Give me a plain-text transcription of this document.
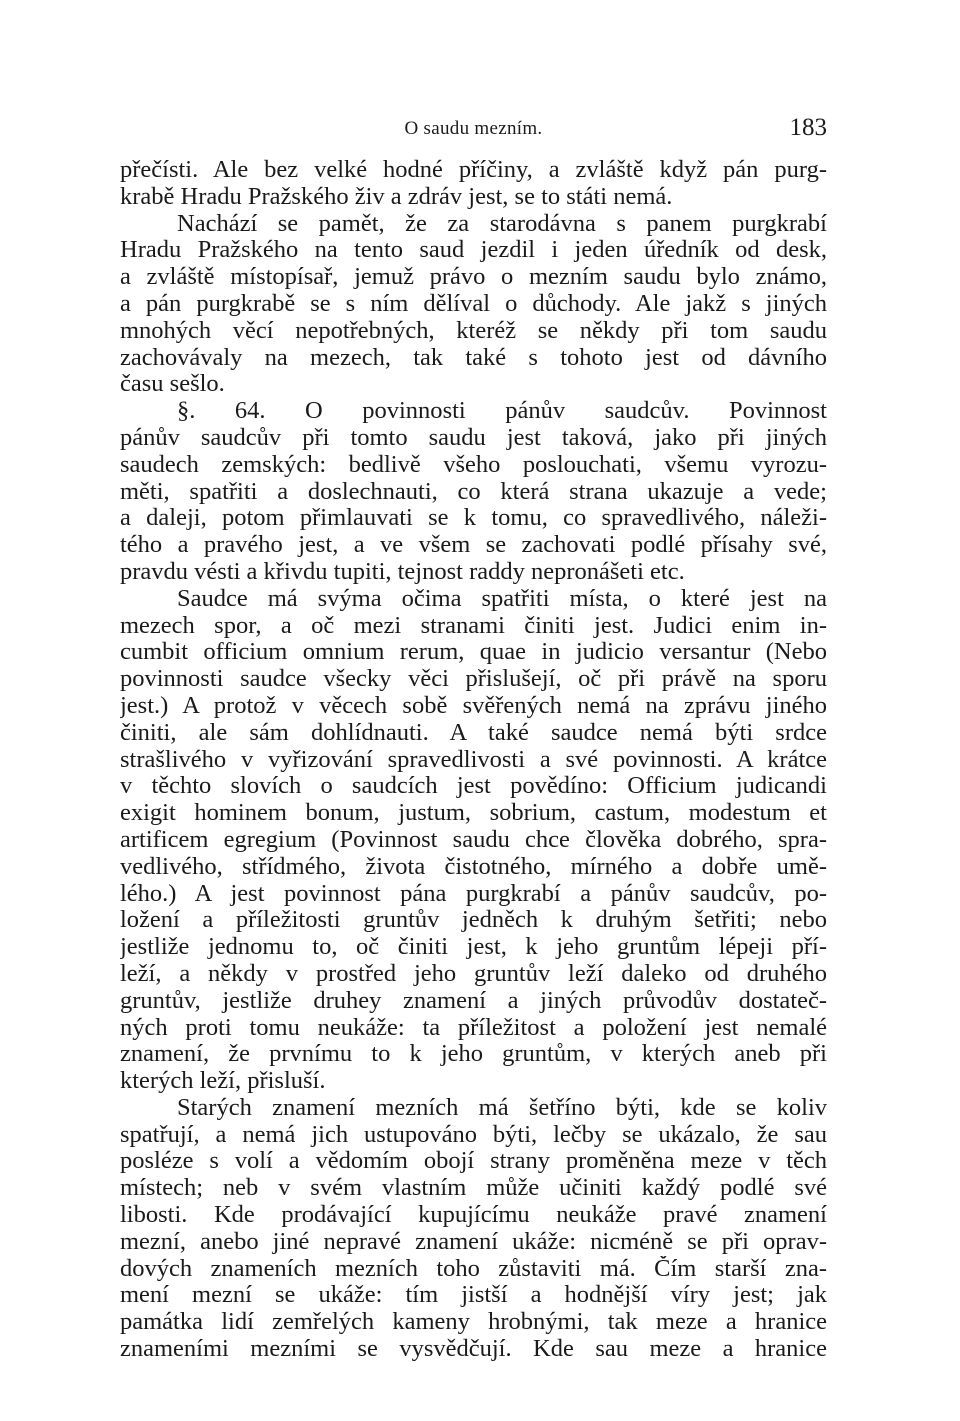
O saudu mezním.	183
přečísti. Ale bez velké hodné příčiny, a zvláště když pán purg-
krabě Hradu Pražského živ a zdráv jest, se to státi nemá.
Nachází se pamět, že za starodávna s panem purgkrabí
Hradu Pražského na tento saud jezdil i jeden úředník od desk,
a zvláště místopísař, jemuž právo o mezním saudu bylo známo,
a pán purgkrabě se s ním dělíval o důchody. Ale jakž s jiných
mnohých věcí nepotřebných, kteréž se někdy při tom saudu
zachovávaly na mezech, tak také s tohoto jest od dávního
času sešlo.
§. 64. O povinnosti pánův saudcův. Povinnost
pánův saudcův při tomto saudu jest taková, jako při jiných
saudech zemských: bedlivě všeho poslouchati, všemu vyrozu-
měti, spatřiti a doslechnauti, co která strana ukazuje a vede;
a daleji, potom přimlauvati se k tomu, co spravedlivého, náleži-
tého a pravého jest, a ve všem se zachovati podlé přísahy své,
pravdu vésti a křivdu tupiti, tejnost raddy nepronášeti etc.
Saudce má svýma očima spatřiti místa, o které jest na
mezech spor, a oč mezi stranami činiti jest. Judici enim in-
cumbit officium omnium rerum, quae in judicio versantur (Nebo
povinnosti saudce všecky věci přislušejí, oč při právě na sporu
jest.) A protož v věcech sobě svěřených nemá na zprávu jiného
činiti, ale sám dohlídnauti. A také saudce nemá býti srdce
strašlivého v vyřizování spravedlivosti a své povinnosti. A krátce
v těchto slovích o saudcích jest povědíno: Officium judicandi
exigit hominem bonum, justum, sobrium, castum, modestum et
artificem egregium (Povinnost saudu chce člověka dobrého, spra-
vedlivého, střídmého, života čistotného, mírného a dobře umě-
lého.) A jest povinnost pána purgkrabí a pánův saudcův, po-
ložení a příležitosti gruntův jedněch k druhým šetřiti; nebo
jestliže jednomu to, oč činiti jest, k jeho gruntům lépeji pří-
leží, a někdy v prostřed jeho gruntův leží daleko od druhého
gruntův, jestliže druhey znamení a jiných průvodův dostateč-
ných proti tomu neukáže: ta příležitost a položení jest nemalé
znamení, že prvnímu to k jeho gruntům, v kterých aneb při
kterých leží, přisluší.
Starých znamení mezních má šetříno býti, kde se koliv
spatřují, a nemá jich ustupováno býti, lečby se ukázalo, že sau
posléze s volí a vědomím obojí strany proměněna meze v těch
místech; neb v svém vlastním může učiniti každý podlé své
libosti. Kde prodávající kupujícímu neukáže pravé znamení
mezní, anebo jiné nepravé znamení ukáže: nicméně se při oprav-
dových znameních mezních toho zůstaviti má. Čím starší zna-
mení mezní se ukáže: tím jistší a hodnější víry jest; jak
památka lidí zemřelých kameny hrobnými, tak meze a hranice
znameními mezními se vysvědčují. Kde sau meze a hranice
